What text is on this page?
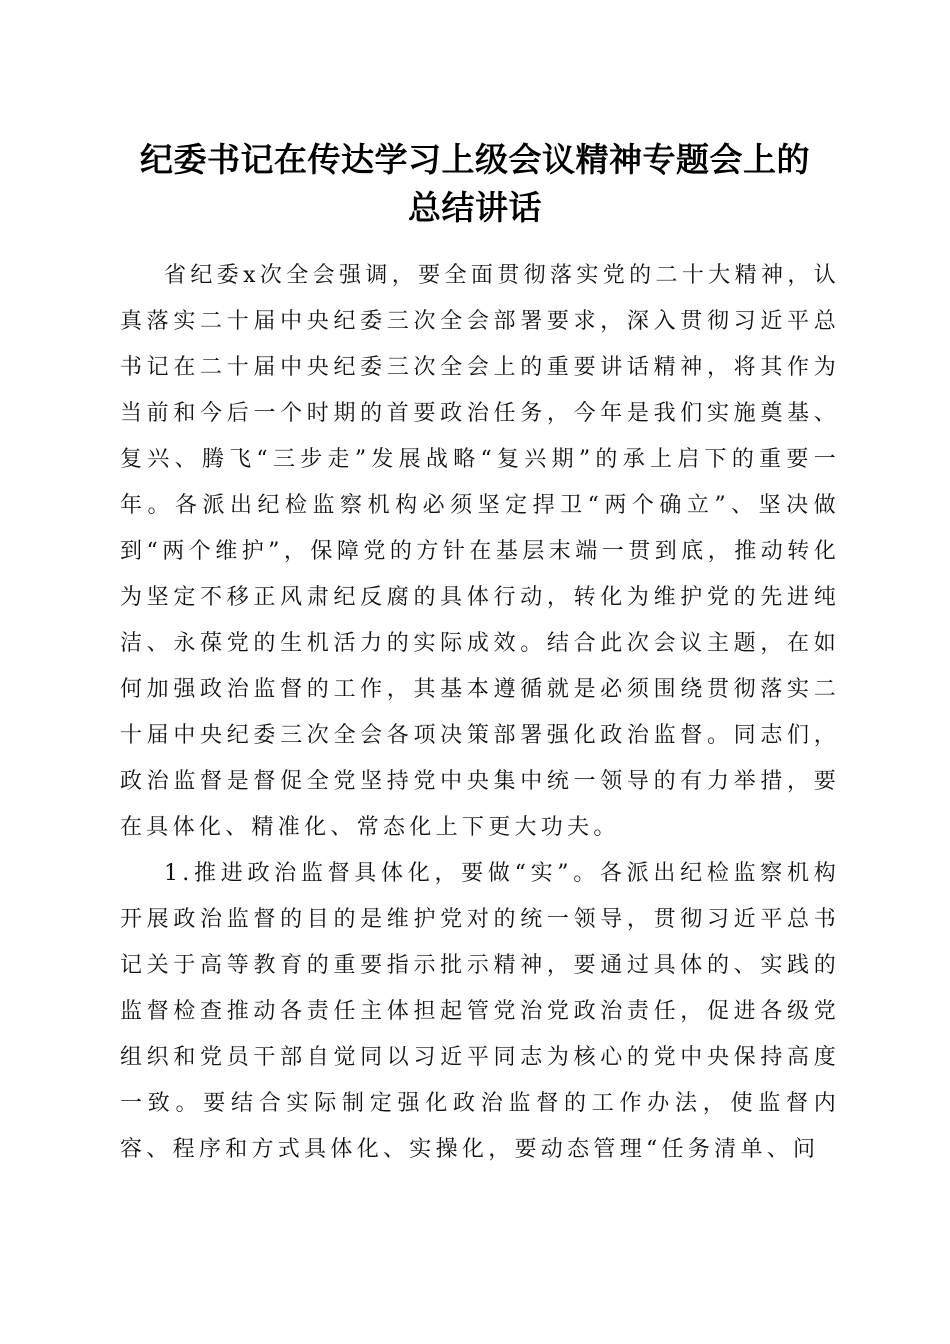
纪委书记在传达学习上级会议精神专题会上的
总结讲话

省纪委x次全会强调，要全面贯彻落实党的二十大精神，认真落实二十届中央纪委三次全会部署要求，深入贯彻习近平总书记在二十届中央纪委三次全会上的重要讲话精神，将其作为当前和今后一个时期的首要政治任务，今年是我们实施奠基、复兴、腾飞“三步走”发展战略“复兴期”的承上启下的重要一年。各派出纪检监察机构必须坚定捍卫“两个确立”、坚决做到“两个维护”，保障党的方针在基层末端一贯到底，推动转化为坚定不移正风肃纪反腐的具体行动，转化为维护党的先进纯洁、永葆党的生机活力的实际成效。结合此次会议主题，在如何加强政治监督的工作，其基本遵循就是必须围绕贯彻落实二十届中央纪委三次全会各项决策部署强化政治监督。同志们，政治监督是督促全党坚持党中央集中统一领导的有力举措，要在具体化、精准化、常态化上下更大功夫。

1.推进政治监督具体化，要做“实”。各派出纪检监察机构开展政治监督的目的是维护党对的统一领导，贯彻习近平总书记关于高等教育的重要指示批示精神，要通过具体的、实践的监督检查推动各责任主体担起管党治党政治责任，促进各级党组织和党员干部自觉同以习近平同志为核心的党中央保持高度一致。要结合实际制定强化政治监督的工作办法，使监督内容、程序和方式具体化、实操化，要动态管理“任务清单、问
